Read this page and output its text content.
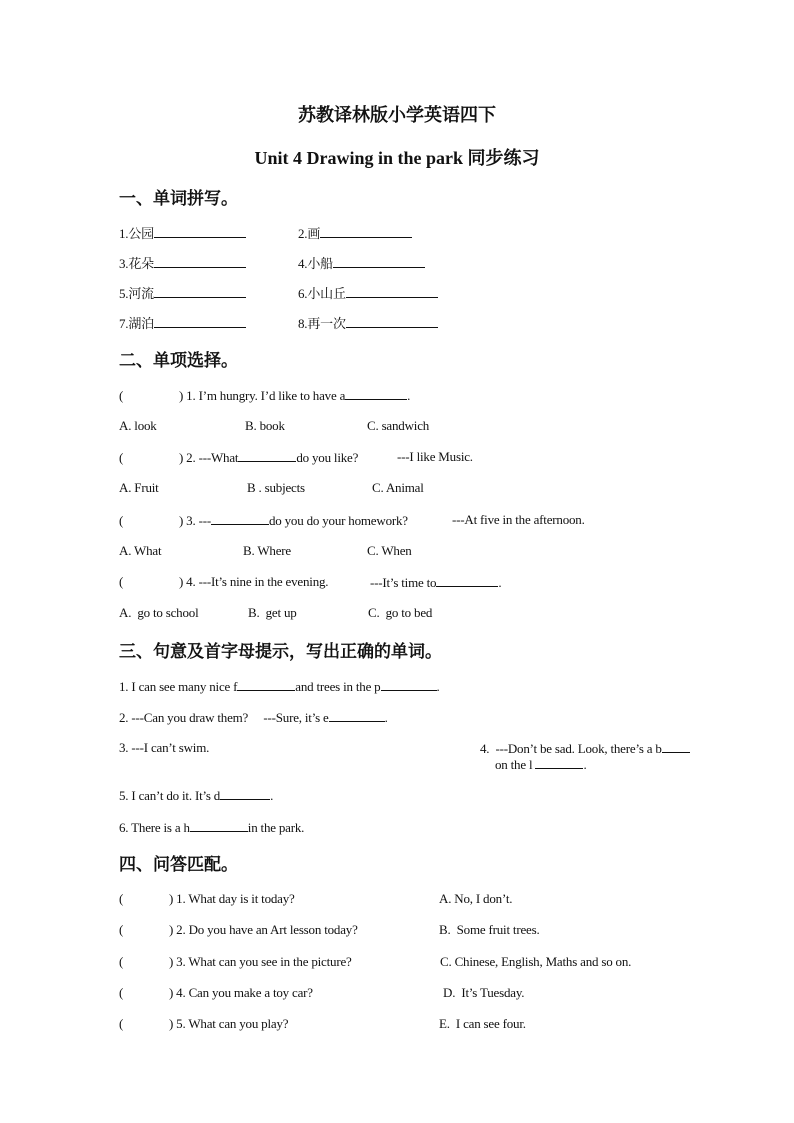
苏教译林版小学英语四下
Unit 4 Drawing in the park 同步练习
一、单词拼写。
1.公园	2.画
3.花朵	4.小船
5.河流	6.小山丘
7.湖泊	8.再一次
二、单项选择。
(	) 1. I’m hungry. I’d like to have a	.
A. look	B. book	C. sandwich
(	) 2. ---What	do you like?	---I like Music.
A. Fruit	B . subjects	C. Animal
(	) 3. ---	do you do your homework?	---At five in the afternoon.
A. What	B. Where	C. When
(	) 4. ---It’s nine in the evening.	---It’s time to	.
A.  go to school	B.  get up	C.  go to bed
三、句意及首字母提示，写出正确的单词。
1. I can see many nice f	and trees in the p	.
2. ---Can you draw them?     ---Sure, it’s e	.
3. ---I can’t swim.	4.  ---Don’t be sad. Look, there’s a b
on the l	.
5. I can’t do it. It’s d	.
6. There is a h	in the park.
四、问答匹配。
(	) 1. What day is it today?	A. No, I don’t.
(	) 2. Do you have an Art lesson today?	B.  Some fruit trees.
(	) 3. What can you see in the picture?	C. Chinese, English, Maths and so on.
(	) 4. Can you make a toy car?	D.  It’s Tuesday.
(	) 5. What can you play?	E.  I can see four.
